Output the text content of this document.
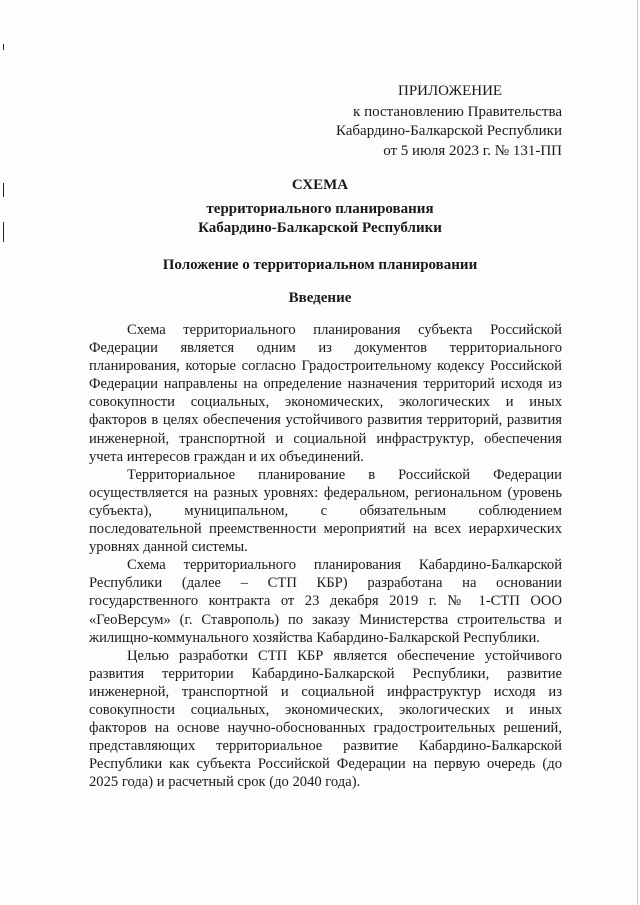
ПРИЛОЖЕНИЕ
к постановлению Правительства
Кабардино-Балкарской Республики
от 5 июля 2023 г. № 131-ПП
СХЕМА
территориального планирования
Кабардино-Балкарской Республики
Положение о территориальном планировании
Введение

Схема территориального планирования субъекта Российской Федерации является одним из документов территориального планирования, которые согласно Градостроительному кодексу Российской Федерации направлены на определение назначения территорий исходя из совокупности социальных, экономических, экологических и иных факторов в целях обеспечения устойчивого развития территорий, развития инженерной, транспортной и социальной инфраструктур, обеспечения учета интересов граждан и их объединений.

Территориальное планирование в Российской Федерации осуществляется на разных уровнях: федеральном, региональном (уровень субъекта), муниципальном, с обязательным соблюдением последовательной преемственности мероприятий на всех иерархических уровнях данной системы.

Схема территориального планирования Кабардино-Балкарской Республики (далее – СТП КБР) разработана на основании государственного контракта от 23 декабря 2019 г. № 1-СТП ООО «ГеоВерсум» (г. Ставрополь) по заказу Министерства строительства и жилищно-коммунального хозяйства Кабардино-Балкарской Республики.

Целью разработки СТП КБР является обеспечение устойчивого развития территории Кабардино-Балкарской Республики, развитие инженерной, транспортной и социальной инфраструктур исходя из совокупности социальных, экономических, экологических и иных факторов на основе научно-обоснованных градостроительных решений, представляющих территориальное развитие Кабардино-Балкарской Республики как субъекта Российской Федерации на первую очередь (до 2025 года) и расчетный срок (до 2040 года).
